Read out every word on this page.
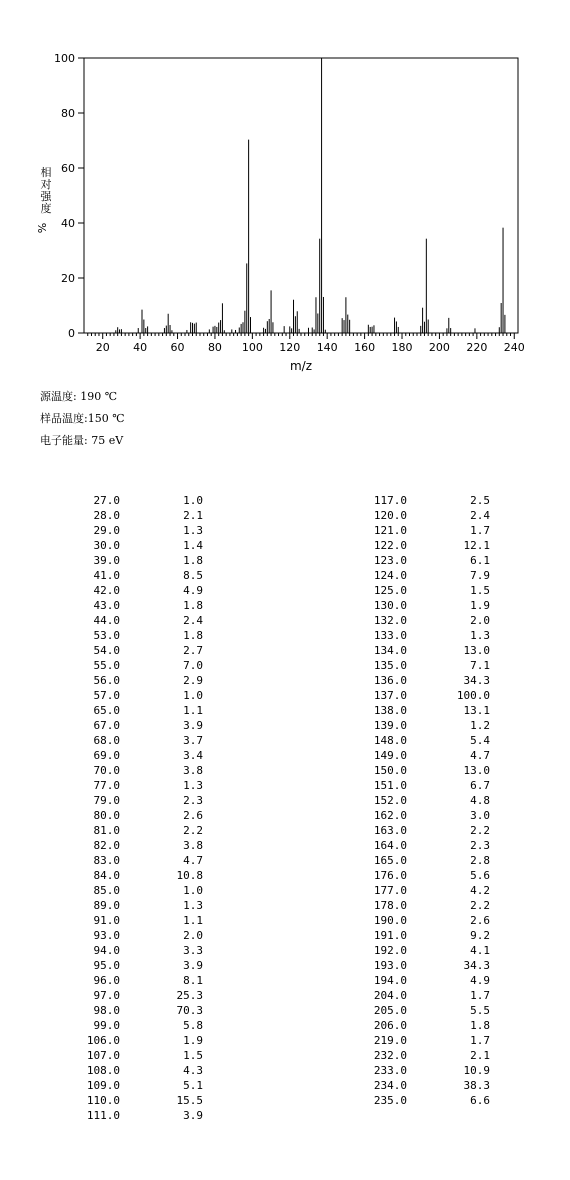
相
对
强
度
%
0
20
40
60
80
100
20 40 60 80 100 120 140 160 180 200 220 240
m/z
源温度: 190 ℃
样品温度:150 ℃
电子能量: 75 eV
27.0	1.0
28.0	2.1
29.0	1.3
30.0	1.4
39.0	1.8
41.0	8.5
42.0	4.9
43.0	1.8
44.0	2.4
53.0	1.8
54.0	2.7
55.0	7.0
56.0	2.9
57.0	1.0
65.0	1.1
67.0	3.9
68.0	3.7
69.0	3.4
70.0	3.8
77.0	1.3
79.0	2.3
80.0	2.6
81.0	2.2
82.0	3.8
83.0	4.7
84.0	10.8
85.0	1.0
89.0	1.3
91.0	1.1
93.0	2.0
94.0	3.3
95.0	3.9
96.0	8.1
97.0	25.3
98.0	70.3
99.0	5.8
106.0	1.9
107.0	1.5
108.0	4.3
109.0	5.1
110.0	15.5
111.0	3.9
117.0	2.5
120.0	2.4
121.0	1.7
122.0	12.1
123.0	6.1
124.0	7.9
125.0	1.5
130.0	1.9
132.0	2.0
133.0	1.3
134.0	13.0
135.0	7.1
136.0	34.3
137.0	100.0
138.0	13.1
139.0	1.2
148.0	5.4
149.0	4.7
150.0	13.0
151.0	6.7
152.0	4.8
162.0	3.0
163.0	2.2
164.0	2.3
165.0	2.8
176.0	5.6
177.0	4.2
178.0	2.2
190.0	2.6
191.0	9.2
192.0	4.1
193.0	34.3
194.0	4.9
204.0	1.7
205.0	5.5
206.0	1.8
219.0	1.7
232.0	2.1
233.0	10.9
234.0	38.3
235.0	6.6
